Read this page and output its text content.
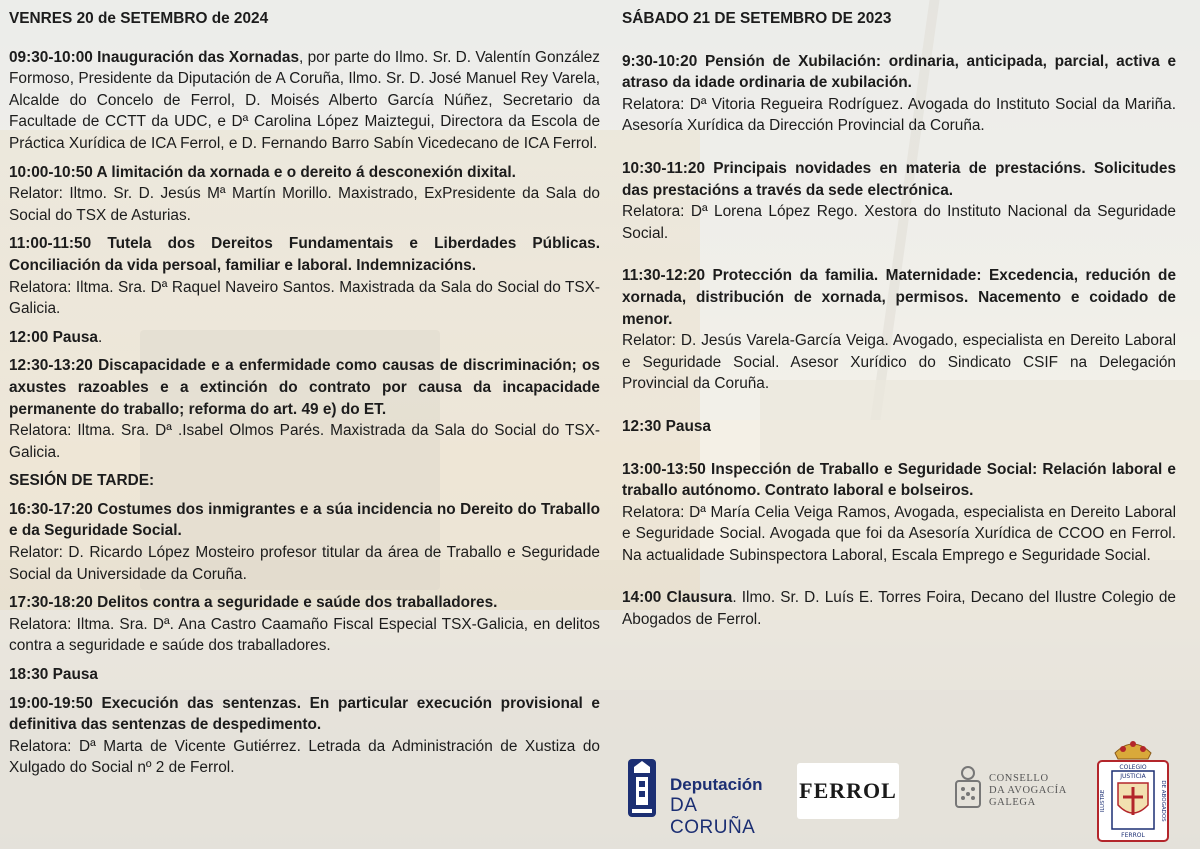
VENRES 20 de SETEMBRO de 2024
09:30-10:00 Inauguración das Xornadas, por parte do Ilmo. Sr. D. Valentín González Formoso, Presidente da Diputación de A Coruña, Ilmo. Sr. D. José Manuel Rey Varela, Alcalde do Concelo de Ferrol, D. Moisés Alberto García Núñez, Secretario da Facultade de CCTT da UDC, e Dª Carolina López Maiztegui, Directora da Escola de Práctica Xurídica de ICA Ferrol, e D. Fernando Barro Sabín Vicedecano de ICA Ferrol.
10:00-10:50 A limitación da xornada e o dereito á desconexión dixital.
Relator: Iltmo. Sr. D. Jesús Mª Martín Morillo. Maxistrado, ExPresidente da Sala do Social do TSX de Asturias.
11:00-11:50 Tutela dos Dereitos Fundamentais e Liberdades Públicas. Conciliación da vida persoal, familiar e laboral. Indemnizacións.
Relatora: Iltma. Sra. Dª Raquel Naveiro Santos. Maxistrada da Sala do Social do TSX-Galicia.
12:00 Pausa.
12:30-13:20 Discapacidade e a enfermidade como causas de discriminación; os axustes razoables e a extinción do contrato por causa da incapacidade permanente do traballo; reforma do art. 49 e) do ET.
Relatora: Iltma. Sra. Dª .Isabel Olmos Parés. Maxistrada da Sala do Social do TSX-Galicia.
SESIÓN DE TARDE:
16:30-17:20 Costumes dos inmigrantes e a súa incidencia no Dereito do Traballo e da Seguridade Social.
Relator: D. Ricardo López Mosteiro profesor titular da área de Traballo e Seguridade Social da Universidade da Coruña.
17:30-18:20 Delitos contra a seguridade e saúde dos traballadores.
Relatora: Iltma. Sra. Dª. Ana Castro Caamaño Fiscal Especial TSX-Galicia, en delitos contra a seguridade e saúde dos traballadores.
18:30 Pausa
19:00-19:50 Execución das sentenzas. En particular execución provisional e definitiva das sentenzas de despedimento.
Relatora: Dª Marta de Vicente Gutiérrez. Letrada da Administración de Xustiza do Xulgado do Social nº 2 de Ferrol.
SÁBADO 21 DE SETEMBRO DE 2023
9:30-10:20 Pensión de Xubilación: ordinaria, anticipada, parcial, activa e atraso da idade ordinaria de xubilación.
Relatora: Dª Vitoria Regueira Rodríguez. Avogada do Instituto Social da Mariña. Asesoría Xurídica da Dirección Provincial da Coruña.
10:30-11:20 Principais novidades en materia de prestacións. Solicitudes das prestacións a través da sede electrónica.
Relatora: Dª Lorena López Rego. Xestora do Instituto Nacional da Seguridade Social.
11:30-12:20 Protección da familia. Maternidade: Excedencia, redución de xornada, distribución de xornada, permisos. Nacemento e coidado de menor.
Relator: D. Jesús Varela-García Veiga. Avogado, especialista en Dereito Laboral e Seguridade Social. Asesor Xurídico do Sindicato CSIF na Delegación Provincial da Coruña.
12:30 Pausa
13:00-13:50 Inspección de Traballo e Seguridade Social: Relación laboral e traballo autónomo. Contrato laboral e bolseiros.
Relatora: Dª María Celia Veiga Ramos, Avogada, especialista en Dereito Laboral e Seguridade Social. Avogada que foi da Asesoría Xurídica de CCOO en Ferrol. Na actualidade Subinspectora Laboral, Escala Emprego e Seguridade Social.
14:00 Clausura. Ilmo. Sr. D. Luís E. Torres Foira, Decano del Ilustre Colegio de Abogados de Ferrol.
Deputación
DA CORUÑA
FERROL	CONSELLO
DA AVOGACÍA
GALEGA
COLEGIO
JUSTICIA
FERROL
ILUSTRE	DE ABOGADOS
